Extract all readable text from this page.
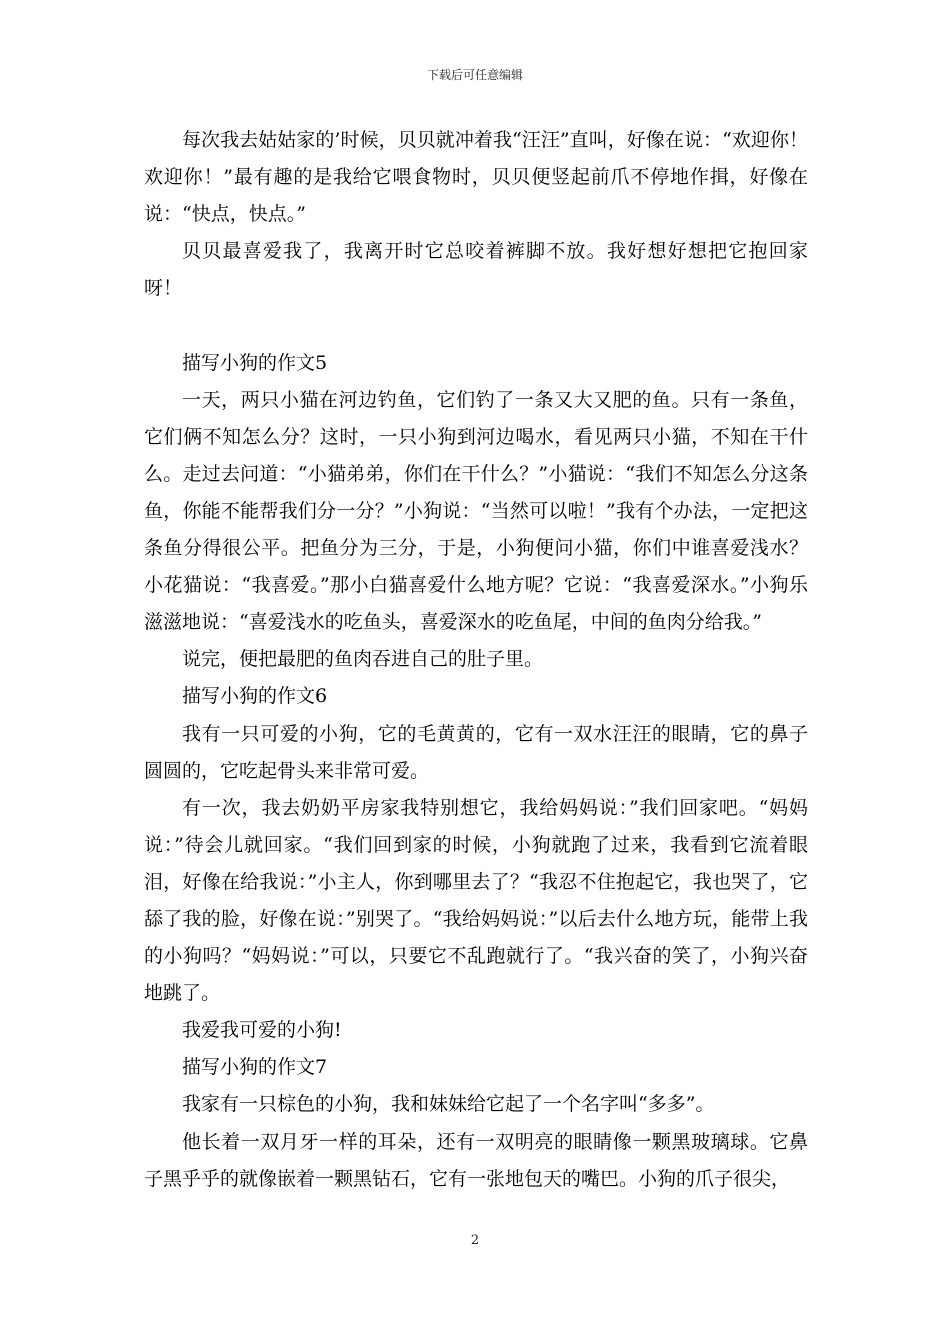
下载后可任意编辑

每次我去姑姑家的’时候，贝贝就冲着我“汪汪”直叫，好像在说：“欢迎你！欢迎你！”最有趣的是我给它喂食物时，贝贝便竖起前爪不停地作揖，好像在说：“快点，快点。”

贝贝最喜爱我了，我离开时它总咬着裤脚不放。我好想好想把它抱回家呀！

描写小狗的作文5

一天，两只小猫在河边钓鱼，它们钓了一条又大又肥的鱼。只有一条鱼，它们俩不知怎么分？这时，一只小狗到河边喝水，看见两只小猫，不知在干什么。走过去问道：“小猫弟弟，你们在干什么？”小猫说：“我们不知怎么分这条鱼，你能不能帮我们分一分？”小狗说：“当然可以啦！”我有个办法，一定把这条鱼分得很公平。把鱼分为三分，于是，小狗便问小猫，你们中谁喜爱浅水？小花猫说：“我喜爱。”那小白猫喜爱什么地方呢？它说：“我喜爱深水。”小狗乐滋滋地说：“喜爱浅水的吃鱼头，喜爱深水的吃鱼尾，中间的鱼肉分给我。”

说完，便把最肥的鱼肉吞进自己的肚子里。

描写小狗的作文6

我有一只可爱的小狗，它的毛黄黄的，它有一双水汪汪的眼睛，它的鼻子圆圆的，它吃起骨头来非常可爱。

有一次，我去奶奶平房家我特别想它，我给妈妈说：”我们回家吧。“妈妈说：”待会儿就回家。“我们回到家的时候，小狗就跑了过来，我看到它流着眼泪，好像在给我说：”小主人，你到哪里去了？“我忍不住抱起它，我也哭了，它舔了我的脸，好像在说：”别哭了。“我给妈妈说：”以后去什么地方玩，能带上我的小狗吗？“妈妈说：”可以，只要它不乱跑就行了。“我兴奋的笑了，小狗兴奋地跳了。

我爱我可爱的小狗!

描写小狗的作文7

我家有一只棕色的小狗，我和妹妹给它起了一个名字叫“多多”。

他长着一双月牙一样的耳朵，还有一双明亮的眼睛像一颗黑玻璃球。它鼻子黑乎乎的就像嵌着一颗黑钻石，它有一张地包天的嘴巴。小狗的爪子很尖，

2
